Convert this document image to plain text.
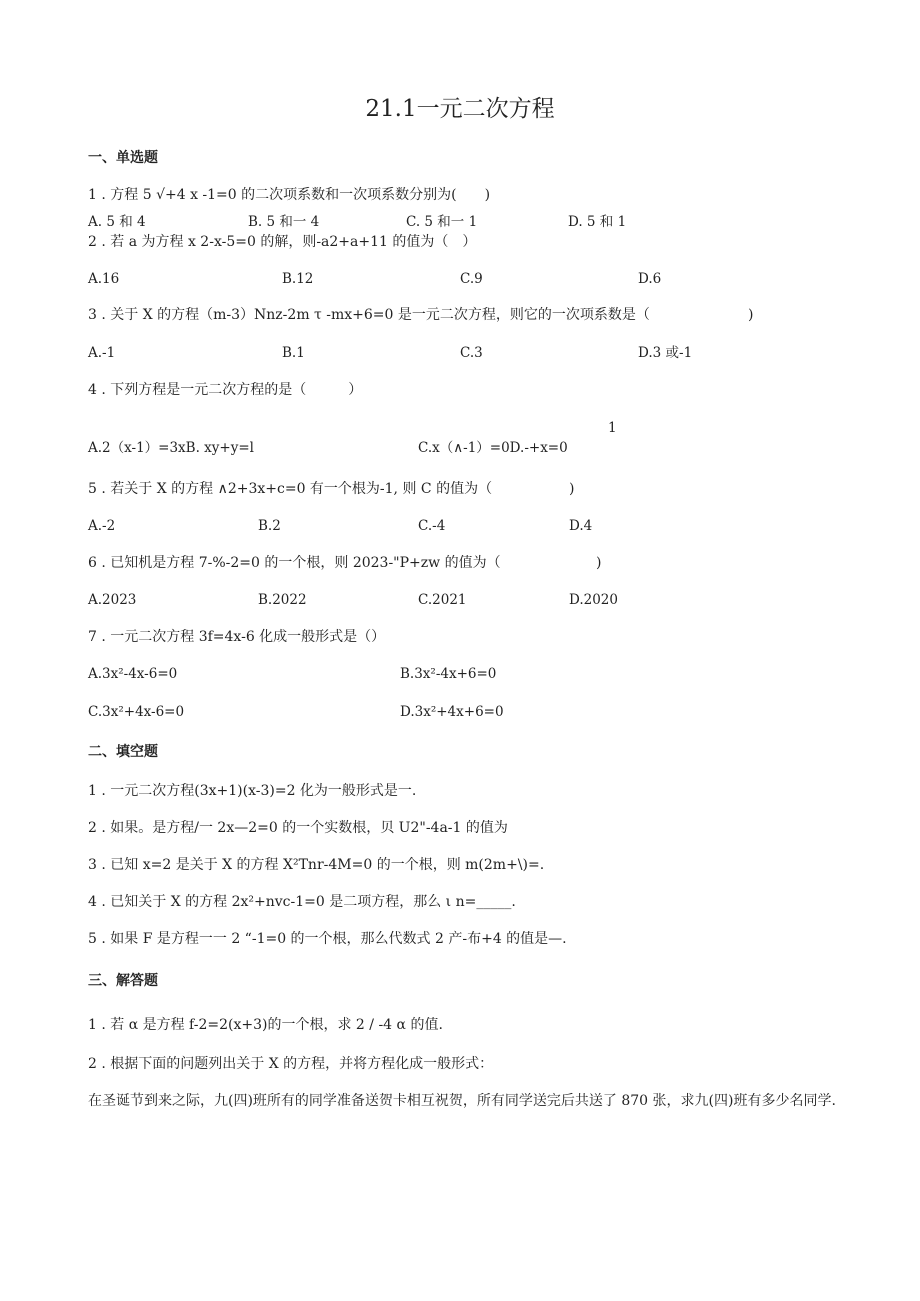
21.1一元二次方程
一、单选题
1 . 方程 5 √+4 x -1=0 的二次项系数和一次项系数分别为(　　)
A. 5 和 4	B. 5 和一 4	C. 5 和一 1	D. 5 和 1
2 . 若 a 为方程 x 2-x-5=0 的解，则-a2+a+11 的值为（　）
A.16	B.12	C.9	D.6
3 . 关于 X 的方程（m-3）Nnz-2m τ -mx+6=0 是一元二次方程，则它的一次项系数是（	)
A.-1	B.1	C.3	D.3 或-1
4 . 下列方程是一元二次方程的是（　　　）
1
A.2（x-1）=3xB. xy+y=l	C.x（∧-1）=0D.-+x=0
5 . 若关于 X 的方程 ∧2+3x+c=0 有一个根为-1, 则 C 的值为（	)
A.-2	B.2	C.-4	D.4
6 . 已知机是方程 7-%-2=0 的一个根，则 2023-"P+zw 的值为（	)
A.2023	B.2022	C.2021	D.2020
7 . 一元二次方程 3f=4x-6 化成一般形式是（）
A.3x²-4x-6=0	B.3x²-4x+6=0
C.3x²+4x-6=0	D.3x²+4x+6=0
二、填空题
1 . 一元二次方程(3x+1)(x-3)=2 化为一般形式是一.
2 . 如果。是方程/一 2x—2=0 的一个实数根，贝 U2"-4a-1 的值为
3 . 已知 x=2 是关于 X 的方程 X²Tnr-4M=0 的一个根，则 m(2m+\)=.
4 . 已知关于 X 的方程 2x²+nvc-1=0 是二项方程，那么 ι n=_____.
5 . 如果 F 是方程一一 2 “-1=0 的一个根，那么代数式 2 产-布+4 的值是—.
三、解答题
1 . 若 α 是方程 f-2=2(x+3)的一个根，求 2 / -4 α 的值.
2 . 根据下面的问题列出关于 X 的方程，并将方程化成一般形式：
在圣诞节到来之际，九(四)班所有的同学准备送贺卡相互祝贺，所有同学送完后共送了 870 张，求九(四)班有多少名同学.
